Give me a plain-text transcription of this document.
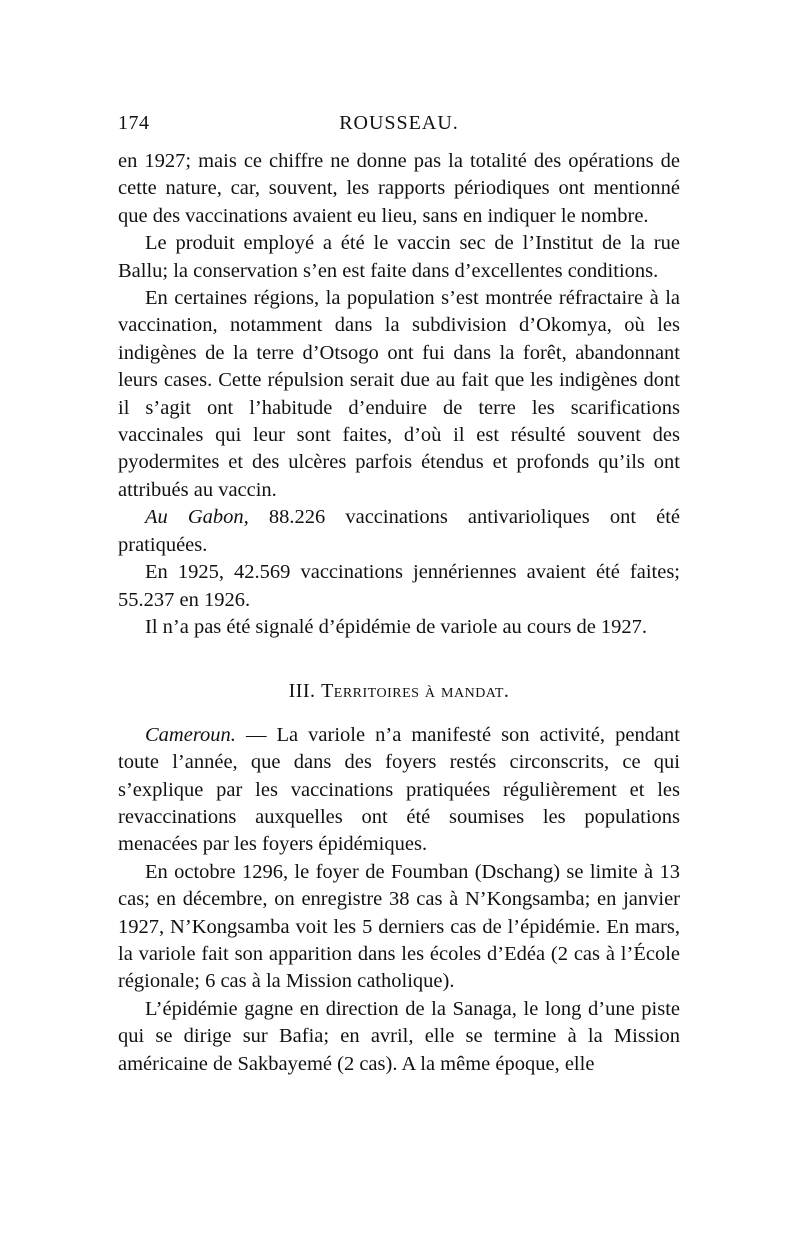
174	ROUSSEAU.

en 1927; mais ce chiffre ne donne pas la totalité des opérations de cette nature, car, souvent, les rapports périodiques ont mentionné que des vaccinations avaient eu lieu, sans en indiquer le nombre.

Le produit employé a été le vaccin sec de l’Institut de la rue Ballu; la conservation s’en est faite dans d’excellentes conditions.

En certaines régions, la population s’est montrée réfractaire à la vaccination, notamment dans la subdivision d’Okomya, où les indigènes de la terre d’Otsogo ont fui dans la forêt, abandonnant leurs cases. Cette répulsion serait due au fait que les indigènes dont il s’agit ont l’habitude d’enduire de terre les scarifications vaccinales qui leur sont faites, d’où il est résulté souvent des pyodermites et des ulcères parfois étendus et profonds qu’ils ont attribués au vaccin.

Au Gabon, 88.226 vaccinations antivarioliques ont été pratiquées.

En 1925, 42.569 vaccinations jennériennes avaient été faites; 55.237 en 1926.

Il n’a pas été signalé d’épidémie de variole au cours de 1927.

III. Territoires à mandat.

Cameroun. — La variole n’a manifesté son activité, pendant toute l’année, que dans des foyers restés circonscrits, ce qui s’explique par les vaccinations pratiquées régulièrement et les revaccinations auxquelles ont été soumises les populations menacées par les foyers épidémiques.

En octobre 1296, le foyer de Foumban (Dschang) se limite à 13 cas; en décembre, on enregistre 38 cas à N’Kongsamba; en janvier 1927, N’Kongsamba voit les 5 derniers cas de l’épidémie. En mars, la variole fait son apparition dans les écoles d’Edéa (2 cas à l’École régionale; 6 cas à la Mission catholique).

L’épidémie gagne en direction de la Sanaga, le long d’une piste qui se dirige sur Bafia; en avril, elle se termine à la Mission américaine de Sakbayemé (2 cas). A la même époque, elle
